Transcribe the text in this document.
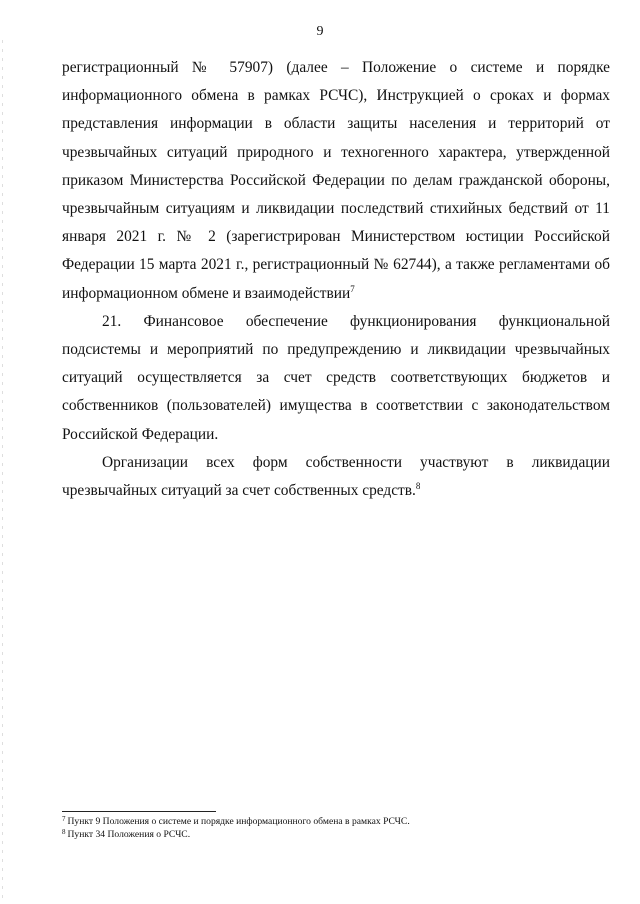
9

регистрационный № 57907) (далее – Положение о системе и порядке информационного обмена в рамках РСЧС), Инструкцией о сроках и формах представления информации в области защиты населения и территорий от чрезвычайных ситуаций природного и техногенного характера, утвержденной приказом Министерства Российской Федерации по делам гражданской обороны, чрезвычайным ситуациям и ликвидации последствий стихийных бедствий от 11 января 2021 г. № 2 (зарегистрирован Министерством юстиции Российской Федерации 15 марта 2021 г., регистрационный № 62744), а также регламентами об информационном обмене и взаимодействии$^7$

21. Финансовое обеспечение функционирования функциональной подсистемы и мероприятий по предупреждению и ликвидации чрезвычайных ситуаций осуществляется за счет средств соответствующих бюджетов и собственников (пользователей) имущества в соответствии с законодательством Российской Федерации.

Организации всех форм собственности участвуют в ликвидации чрезвычайных ситуаций за счет собственных средств.$^8$

$^7$ Пункт 9 Положения о системе и порядке информационного обмена в рамках РСЧС.

$^8$ Пункт 34 Положения о РСЧС.
